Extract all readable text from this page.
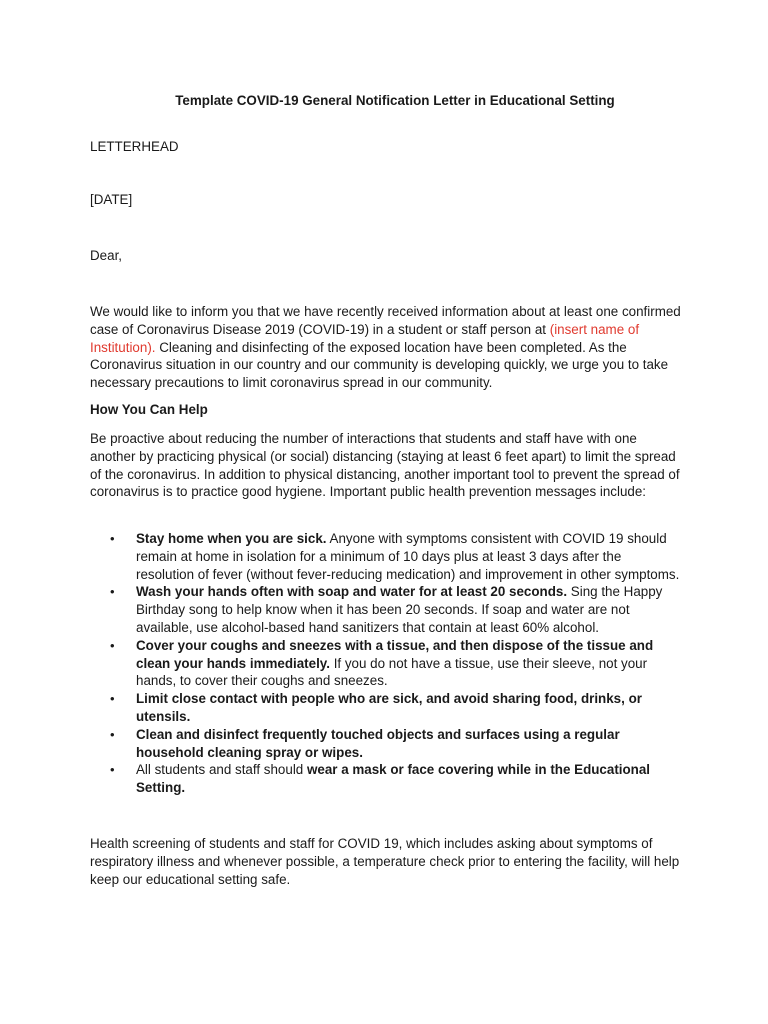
Template COVID-19 General Notification Letter in Educational Setting
LETTERHEAD
[DATE]
Dear,
We would like to inform you that we have recently received information about at least one confirmed case of Coronavirus Disease 2019 (COVID-19) in a student or staff person at (insert name of Institution). Cleaning and disinfecting of the exposed location have been completed. As the Coronavirus situation in our country and our community is developing quickly, we urge you to take necessary precautions to limit coronavirus spread in our community.
How You Can Help
Be proactive about reducing the number of interactions that students and staff have with one another by practicing physical (or social) distancing (staying at least 6 feet apart) to limit the spread of the coronavirus. In addition to physical distancing, another important tool to prevent the spread of coronavirus is to practice good hygiene. Important public health prevention messages include:
• Stay home when you are sick. Anyone with symptoms consistent with COVID 19 should remain at home in isolation for a minimum of 10 days plus at least 3 days after the resolution of fever (without fever-reducing medication) and improvement in other symptoms.
• Wash your hands often with soap and water for at least 20 seconds. Sing the Happy Birthday song to help know when it has been 20 seconds. If soap and water are not available, use alcohol-based hand sanitizers that contain at least 60% alcohol.
• Cover your coughs and sneezes with a tissue, and then dispose of the tissue and clean your hands immediately. If you do not have a tissue, use their sleeve, not your hands, to cover their coughs and sneezes.
• Limit close contact with people who are sick, and avoid sharing food, drinks, or utensils.
• Clean and disinfect frequently touched objects and surfaces using a regular household cleaning spray or wipes.
• All students and staff should wear a mask or face covering while in the Educational Setting.
Health screening of students and staff for COVID 19, which includes asking about symptoms of respiratory illness and whenever possible, a temperature check prior to entering the facility, will help keep our educational setting safe.
